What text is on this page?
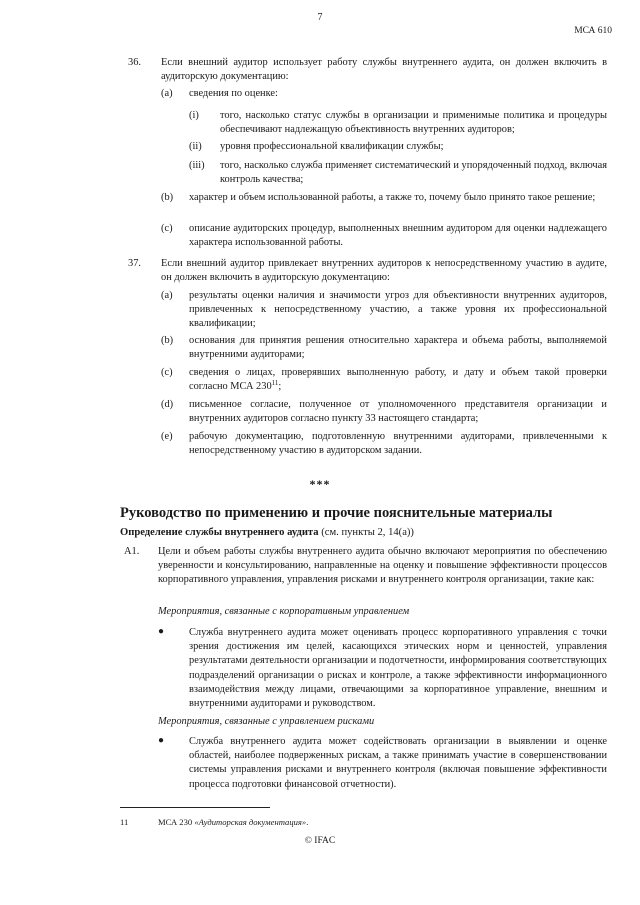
7
МСА 610
36. Если внешний аудитор использует работу службы внутреннего аудита, он должен включить в аудиторскую документацию:
(a) сведения по оценке:
(i) того, насколько статус службы в организации и применимые политика и процедуры обеспечивают надлежащую объективность внутренних аудиторов;
(ii) уровня профессиональной квалификации службы;
(iii) того, насколько служба применяет систематический и упорядоченный подход, включая контроль качества;
(b) характер и объем использованной работы, а также то, почему было принято такое решение;
(c) описание аудиторских процедур, выполненных внешним аудитором для оценки надлежащего характера использованной работы.
37. Если внешний аудитор привлекает внутренних аудиторов к непосредственному участию в аудите, он должен включить в аудиторскую документацию:
(a) результаты оценки наличия и значимости угроз для объективности внутренних аудиторов, привлеченных к непосредственному участию, а также уровня их профессиональной квалификации;
(b) основания для принятия решения относительно характера и объема работы, выполняемой внутренними аудиторами;
(c) сведения о лицах, проверявших выполненную работу, и дату и объем такой проверки согласно МСА $230^{11}$;
(d) письменное согласие, полученное от уполномоченного представителя организации и внутренних аудиторов согласно пункту 33 настоящего стандарта;
(e) рабочую документацию, подготовленную внутренними аудиторами, привлеченными к непосредственному участию в аудиторском задании.
***
Руководство по применению и прочие пояснительные материалы
Определение службы внутреннего аудита (см. пункты 2, 14(a))
A1. Цели и объем работы службы внутреннего аудита обычно включают мероприятия по обеспечению уверенности и консультированию, направленные на оценку и повышение эффективности процессов корпоративного управления, управления рисками и внутреннего контроля организации, такие как:
Мероприятия, связанные с корпоративным управлением
● Служба внутреннего аудита может оценивать процесс корпоративного управления с точки зрения достижения им целей, касающихся этических норм и ценностей, управления результатами деятельности организации и подотчетности, информирования соответствующих подразделений организации о рисках и контроле, а также эффективности информационного взаимодействия между лицами, отвечающими за корпоративное управление, внешним и внутренними аудиторами и руководством.
Мероприятия, связанные с управлением рисками
● Служба внутреннего аудита может содействовать организации в выявлении и оценке областей, наиболее подверженных рискам, а также принимать участие в совершенствовании системы управления рисками и внутреннего контроля (включая повышение эффективности процесса подготовки финансовой отчетности).
11	МСА 230 «Аудиторская документация».
© IFAC
